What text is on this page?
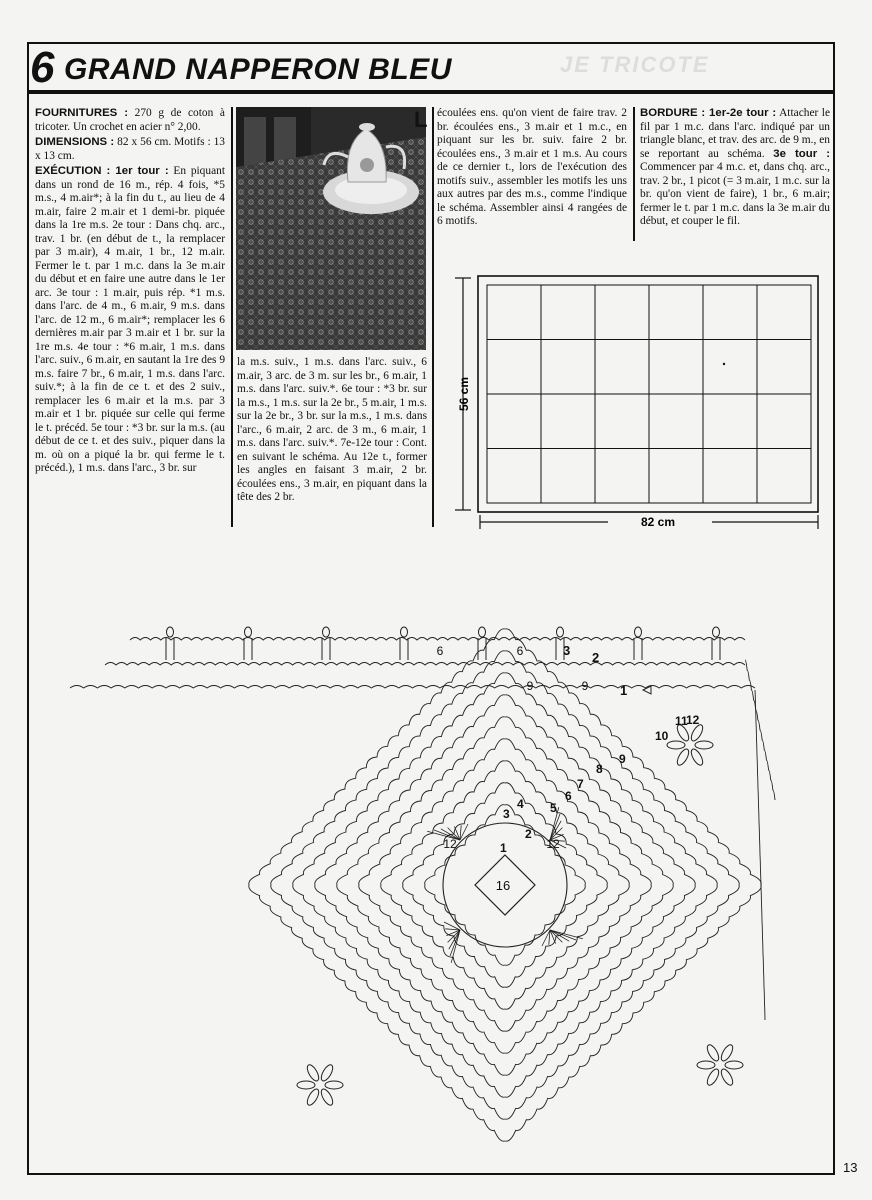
6 GRAND NAPPERON BLEU	JE TRICOTE

FOURNITURES : 270 g de coton à tricoter. Un crochet en acier n° 2,00.

DIMENSIONS : 82 x 56 cm. Motifs : 13 x 13 cm.

EXÉCUTION : 1er tour : En piquant dans un rond de 16 m., rép. 4 fois, *5 m.s., 4 m.air*; à la fin du t., au lieu de 4 m.air, faire 2 m.air et 1 demi-br. piquée dans la 1re m.s. 2e tour : Dans chq. arc., trav. 1 br. (en début de t., la remplacer par 3 m.air), 4 m.air, 1 br., 12 m.air. Fermer le t. par 1 m.c. dans la 3e m.air du début et en faire une autre dans le 1er arc. 3e tour : 1 m.air, puis rép. *1 m.s. dans l'arc. de 4 m., 6 m.air, 9 m.s. dans l'arc. de 12 m., 6 m.air*; remplacer les 6 dernières m.air par 3 m.air et 1 br. sur la 1re m.s. 4e tour : *6 m.air, 1 m.s. dans l'arc. suiv., 6 m.air, en sautant la 1re des 9 m.s. faire 7 br., 6 m.air, 1 m.s. dans l'arc. suiv.*; à la fin de ce t. et des 2 suiv., remplacer les 6 m.air et la m.s. par 3 m.air et 1 br. piquée sur celle qui ferme le t. précéd. 5e tour : *3 br. sur la m.s. (au début de ce t. et des suiv., piquer dans la m. où on a piqué la br. qui ferme le t. précéd.), 1 m.s. dans l'arc., 3 br. sur

L

la m.s. suiv., 1 m.s. dans l'arc. suiv., 6 m.air, 3 arc. de 3 m. sur les br., 6 m.air, 1 m.s. dans l'arc. suiv.*. 6e tour : *3 br. sur la m.s., 1 m.s. sur la 2e br., 5 m.air, 1 m.s. sur la 2e br., 3 br. sur la m.s., 1 m.s. dans l'arc., 6 m.air, 2 arc. de 3 m., 6 m.air, 1 m.s. dans l'arc. suiv.*. 7e-12e tour : Cont. en suivant le schéma. Au 12e t., former les angles en faisant 3 m.air, 2 br. écoulées ens., 3 m.air, en piquant dans la tête des 2 br.

écoulées ens. qu'on vient de faire trav. 2 br. écoulées ens., 3 m.air et 1 m.c., en piquant sur les br. suiv. faire 2 br. écoulées ens., 3 m.air et 1 m.s. Au cours de ce dernier t., lors de l'exécution des motifs suiv., assembler les motifs les uns aux autres par des m.s., comme l'indique le schéma. Assembler ainsi 4 rangées de 6 motifs.

BORDURE : 1er-2e tour : Attacher le fil par 1 m.c. dans l'arc. indiqué par un triangle blanc, et trav. des arc. de 9 m., en se reportant au schéma. 3e tour : Commencer par 4 m.c. et, dans chq. arc., trav. 2 br., 1 picot (= 3 m.air, 1 m.c. sur la br. qu'on vient de faire), 1 br., 6 m.air; fermer le t. par 1 m.c. dans la 3e m.air du début, et couper le fil.

56 cm
82 cm
16
12	12
6	6
9	9
1
2
3
4 5
6
7
8
9
10
11
12
1
2
3
13
